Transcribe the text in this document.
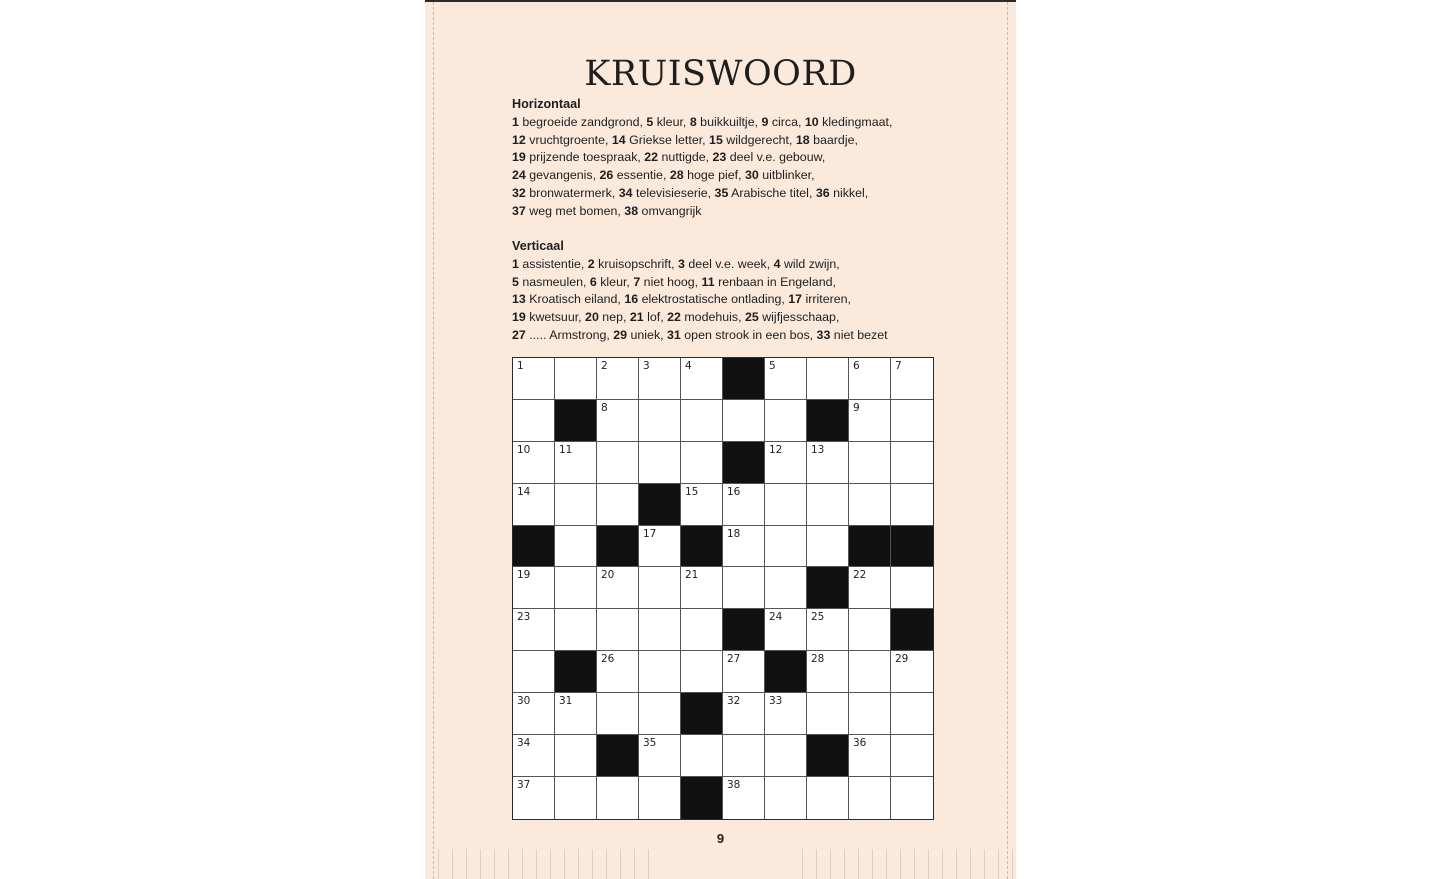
KRUISWOORD
Horizontaal
1 begroeide zandgrond, 5 kleur, 8 buikkuiltje, 9 circa, 10 kledingmaat,
12 vruchtgroente, 14 Griekse letter, 15 wildgerecht, 18 baardje,
19 prijzende toespraak, 22 nuttigde, 23 deel v.e. gebouw,
24 gevangenis, 26 essentie, 28 hoge pief, 30 uitblinker,
32 bronwatermerk, 34 televisieserie, 35 Arabische titel, 36 nikkel,
37 weg met bomen, 38 omvangrijk
Verticaal
1 assistentie, 2 kruisopschrift, 3 deel v.e. week, 4 wild zwijn,
5 nasmeulen, 6 kleur, 7 niet hoog, 11 renbaan in Engeland,
13 Kroatisch eiland, 16 elektrostatische ontlading, 17 irriteren,
19 kwetsuur, 20 nep, 21 lof, 22 modehuis, 25 wijfjesschaap,
27 ..... Armstrong, 29 uniek, 31 open strook in een bos, 33 niet bezet
1	2	3	4	5	6	7
8	9
10	11	12	13
14	15	16
17	18
19	20	21	22
23	24	25
26	27	28	29
30	31	32	33
34	35	36
37	38
9
